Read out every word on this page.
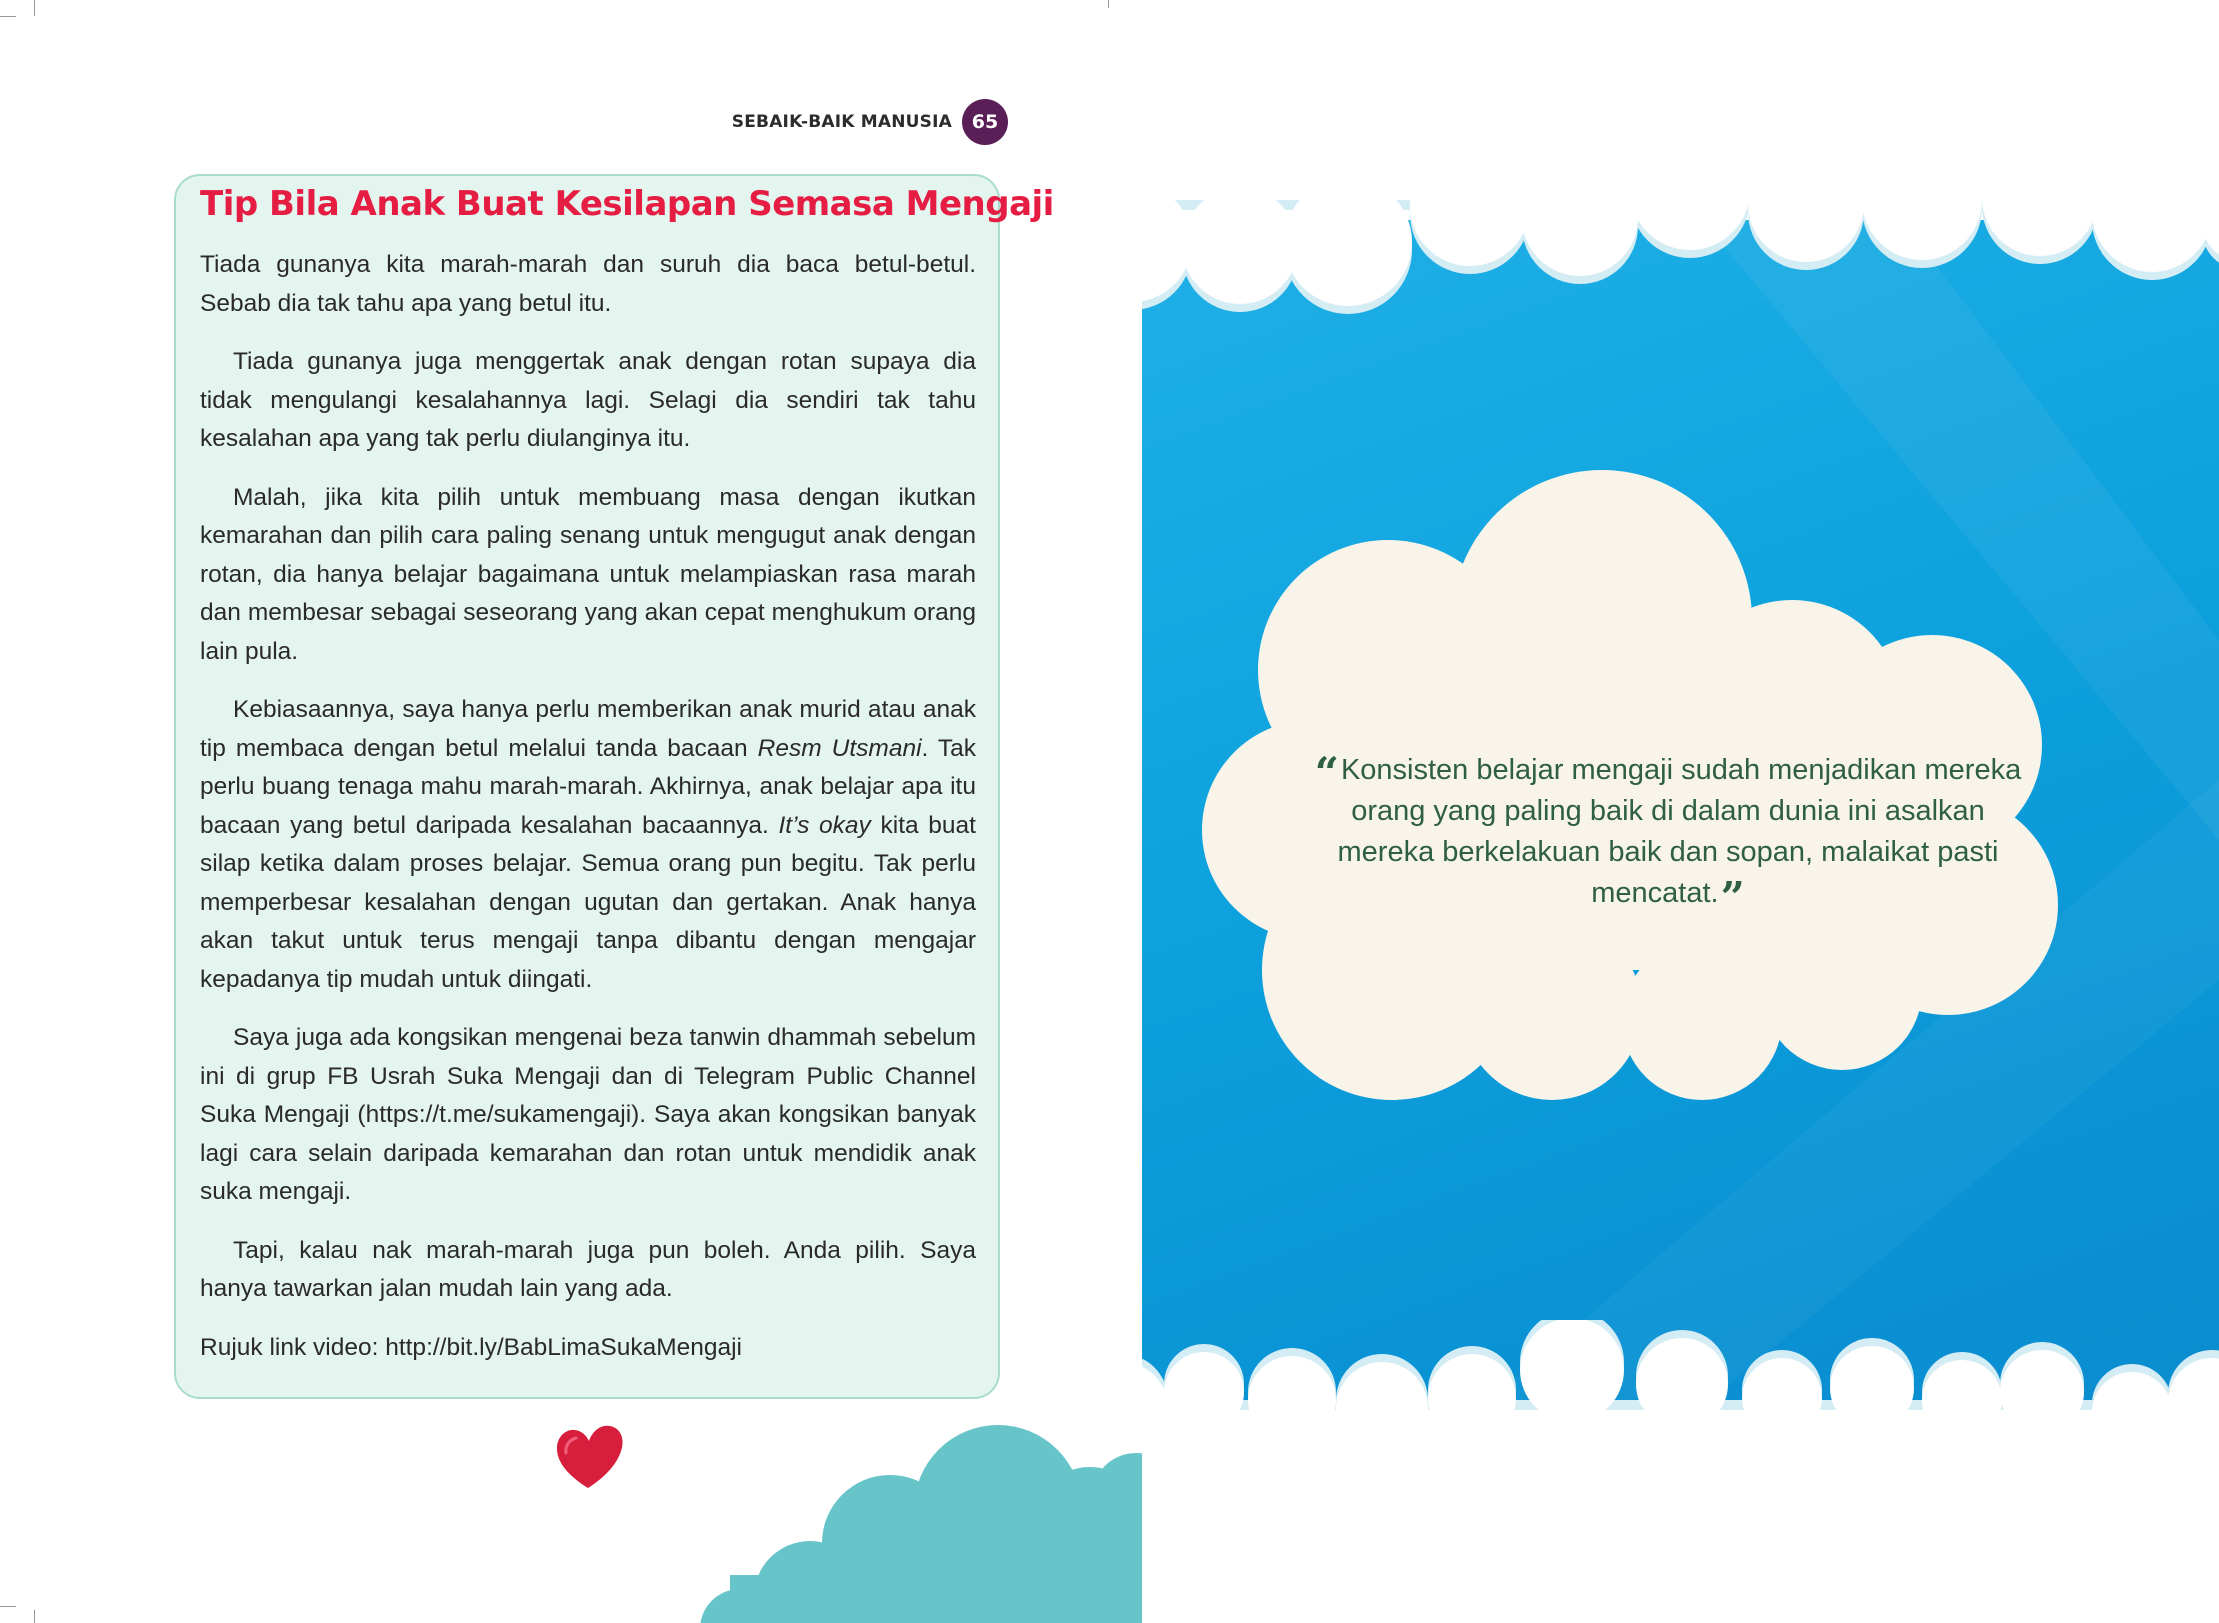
SEBAIK-BAIK MANUSIA	65
Tip Bila Anak Buat Kesilapan Semasa Mengaji

Tiada gunanya kita marah-marah dan suruh dia baca betul-betul. Sebab dia tak tahu apa yang betul itu.

Tiada gunanya juga menggertak anak dengan rotan supaya dia tidak mengulangi kesalahannya lagi. Selagi dia sendiri tak tahu kesalahan apa yang tak perlu diulanginya itu.

Malah, jika kita pilih untuk membuang masa dengan ikutkan kemarahan dan pilih cara paling senang untuk mengugut anak dengan rotan, dia hanya belajar bagaimana untuk melampiaskan rasa marah dan membesar sebagai seseorang yang akan cepat menghukum orang lain pula.

Kebiasaannya, saya hanya perlu memberikan anak murid atau anak tip membaca dengan betul melalui tanda bacaan Resm Utsmani. Tak perlu buang tenaga mahu marah-marah. Akhirnya, anak belajar apa itu bacaan yang betul daripada kesalahan bacaannya. It’s okay kita buat silap ketika dalam proses belajar. Semua orang pun begitu. Tak perlu memperbesar kesalahan dengan ugutan dan gertakan. Anak hanya akan takut untuk terus mengaji tanpa dibantu dengan mengajar kepadanya tip mudah untuk diingati.

Saya juga ada kongsikan mengenai beza tanwin dhammah sebelum ini di grup FB Usrah Suka Mengaji dan di Telegram Public Channel Suka Mengaji (https://t.me/sukamengaji). Saya akan kongsikan banyak lagi cara selain daripada kemarahan dan rotan untuk mendidik anak suka mengaji.

Tapi, kalau nak marah-marah juga pun boleh. Anda pilih. Saya hanya tawarkan jalan mudah lain yang ada.

Rujuk link video: http://bit.ly/BabLimaSukaMengaji

“Konsisten belajar mengaji sudah menjadikan mereka orang yang paling baik di dalam dunia ini asalkan mereka berkelakuan baik dan sopan, malaikat pasti mencatat.”
